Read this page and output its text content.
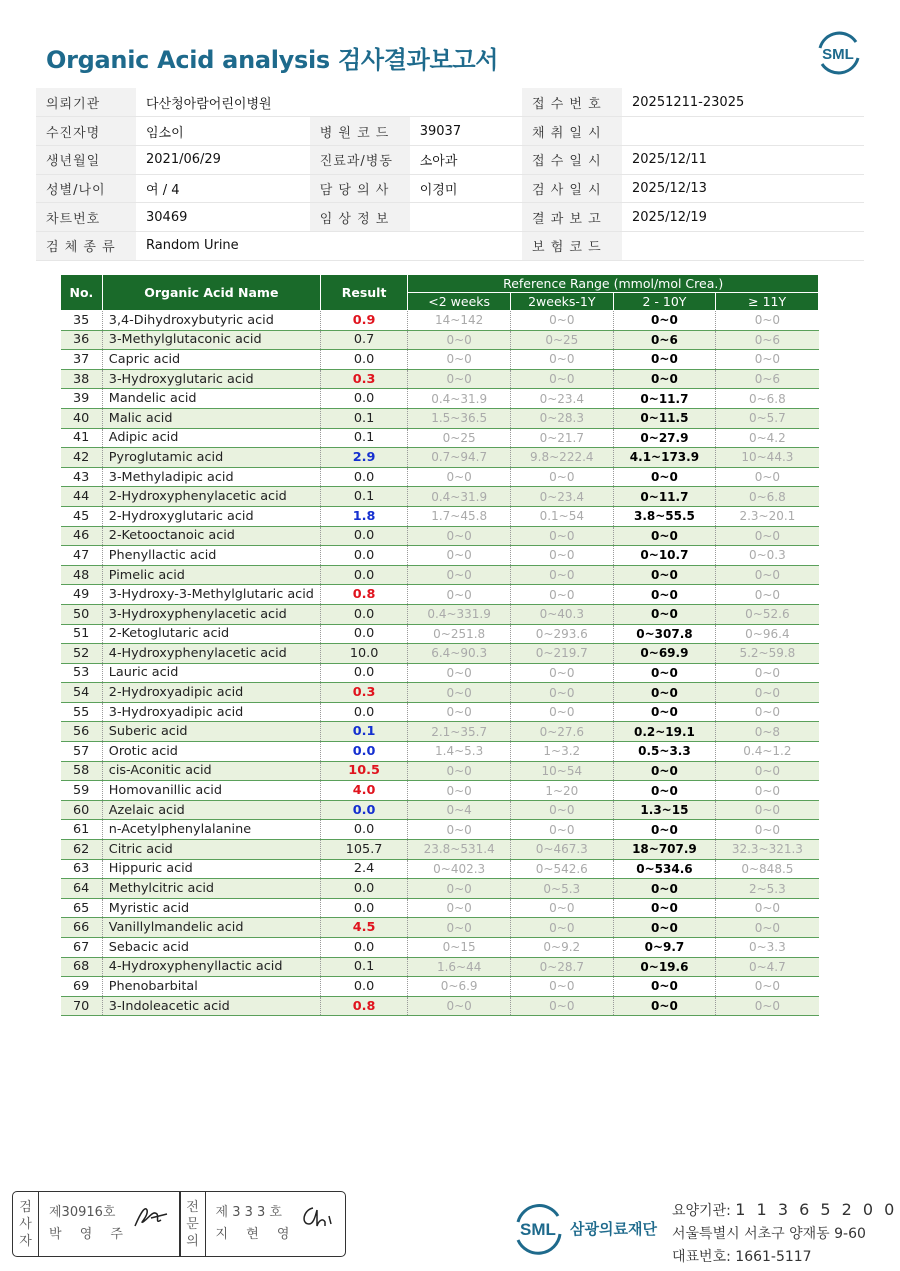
Organic Acid analysis 검사결과보고서	SML
의뢰기관	다산청아람어린이병원			접 수 번 호	20251211-23025
수진자명	임소이	병 원 코 드	39037	채 취 일 시	
생년월일	2021/06/29	진료과/병동	소아과	접 수 일 시	2025/12/11
성별/나이	여 / 4	담 당 의 사	이경미	검 사 일 시	2025/12/13
차트번호	30469	임 상 정 보		결 과 보 고	2025/12/19
검 체 종 류	Random Urine			보 험 코 드	
No.	Organic Acid Name	Result	Reference Range (mmol/mol Crea.)			
			<2 weeks	2weeks-1Y	2 - 10Y	≥ 11Y
35	3,4-Dihydroxybutyric acid	0.9	14~142	0~0	0~0	0~0
36	3-Methylglutaconic acid	0.7	0~0	0~25	0~6	0~6
37	Capric acid	0.0	0~0	0~0	0~0	0~0
38	3-Hydroxyglutaric acid	0.3	0~0	0~0	0~0	0~6
39	Mandelic acid	0.0	0.4~31.9	0~23.4	0~11.7	0~6.8
40	Malic acid	0.1	1.5~36.5	0~28.3	0~11.5	0~5.7
41	Adipic acid	0.1	0~25	0~21.7	0~27.9	0~4.2
42	Pyroglutamic acid	2.9	0.7~94.7	9.8~222.4	4.1~173.9	10~44.3
43	3-Methyladipic acid	0.0	0~0	0~0	0~0	0~0
44	2-Hydroxyphenylacetic acid	0.1	0.4~31.9	0~23.4	0~11.7	0~6.8
45	2-Hydroxyglutaric acid	1.8	1.7~45.8	0.1~54	3.8~55.5	2.3~20.1
46	2-Ketooctanoic acid	0.0	0~0	0~0	0~0	0~0
47	Phenyllactic acid	0.0	0~0	0~0	0~10.7	0~0.3
48	Pimelic acid	0.0	0~0	0~0	0~0	0~0
49	3-Hydroxy-3-Methylglutaric acid	0.8	0~0	0~0	0~0	0~0
50	3-Hydroxyphenylacetic acid	0.0	0.4~331.9	0~40.3	0~0	0~52.6
51	2-Ketoglutaric acid	0.0	0~251.8	0~293.6	0~307.8	0~96.4
52	4-Hydroxyphenylacetic acid	10.0	6.4~90.3	0~219.7	0~69.9	5.2~59.8
53	Lauric acid	0.0	0~0	0~0	0~0	0~0
54	2-Hydroxyadipic acid	0.3	0~0	0~0	0~0	0~0
55	3-Hydroxyadipic acid	0.0	0~0	0~0	0~0	0~0
56	Suberic acid	0.1	2.1~35.7	0~27.6	0.2~19.1	0~8
57	Orotic acid	0.0	1.4~5.3	1~3.2	0.5~3.3	0.4~1.2
58	cis-Aconitic acid	10.5	0~0	10~54	0~0	0~0
59	Homovanillic acid	4.0	0~0	1~20	0~0	0~0
60	Azelaic acid	0.0	0~4	0~0	1.3~15	0~0
61	n-Acetylphenylalanine	0.0	0~0	0~0	0~0	0~0
62	Citric acid	105.7	23.8~531.4	0~467.3	18~707.9	32.3~321.3
63	Hippuric acid	2.4	0~402.3	0~542.6	0~534.6	0~848.5
64	Methylcitric acid	0.0	0~0	0~5.3	0~0	2~5.3
65	Myristic acid	0.0	0~0	0~0	0~0	0~0
66	Vanillylmandelic acid	4.5	0~0	0~0	0~0	0~0
67	Sebacic acid	0.0	0~15	0~9.2	0~9.7	0~3.3
68	4-Hydroxyphenyllactic acid	0.1	1.6~44	0~28.7	0~19.6	0~4.7
69	Phenobarbital	0.0	0~6.9	0~0	0~0	0~0
70	3-Indoleacetic acid	0.8	0~0	0~0	0~0	0~0
검
사
자
제30916호
박 영 주
전
문
의
제 3 3 3 호
지 현 영	SML 삼광의료재단
요양기관: 1 1 3 6 5 2 0 0
서울특별시 서초구 양재동 9-60
대표번호: 1661-5117
